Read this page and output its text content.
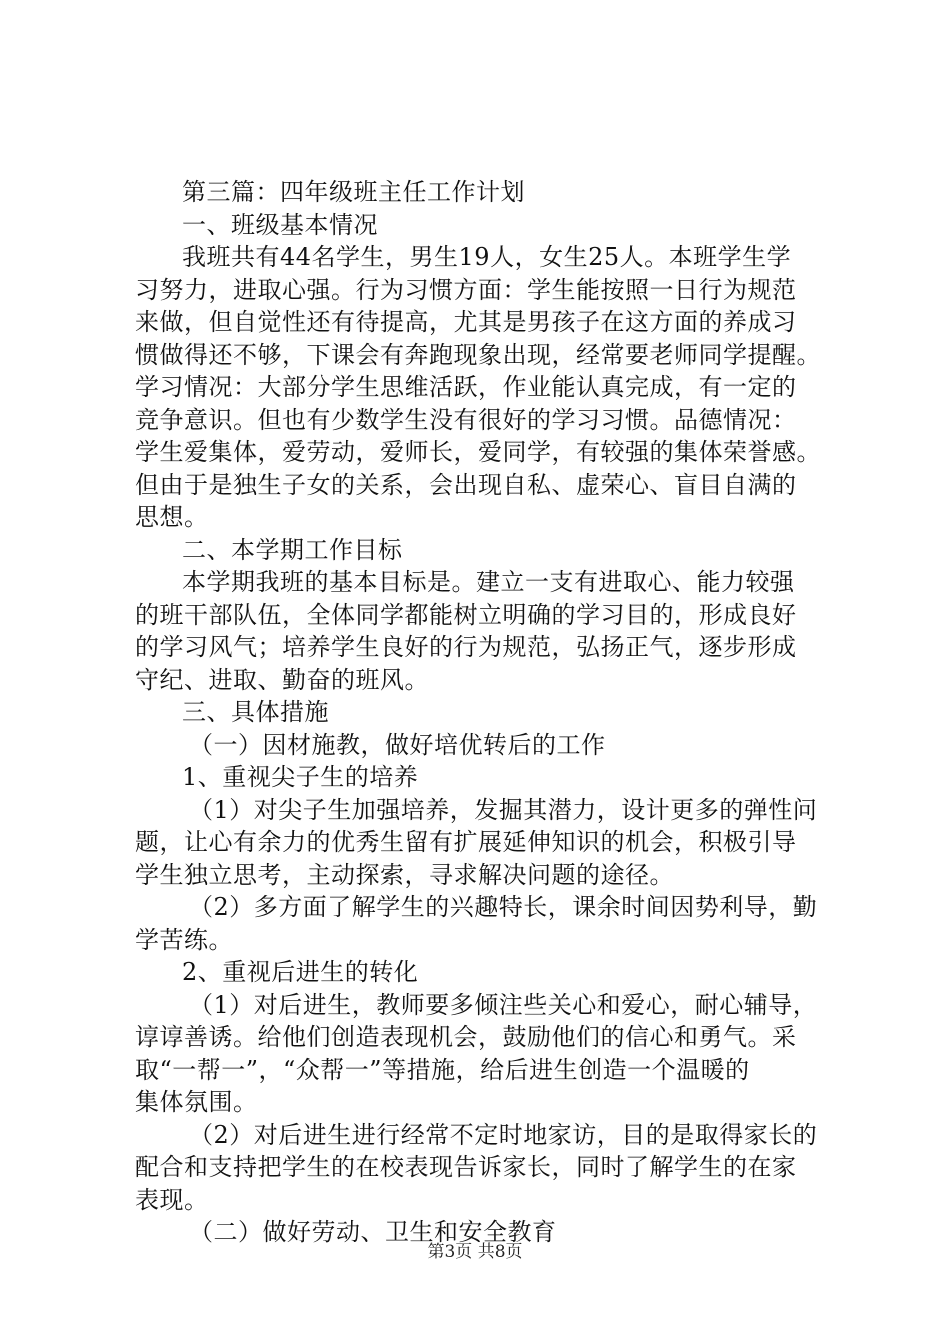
第三篇：四年级班主任工作计划
一、班级基本情况
我班共有44名学生，男生19人，女生25人。本班学生学
习努力，进取心强。行为习惯方面：学生能按照一日行为规范
来做，但自觉性还有待提高，尤其是男孩子在这方面的养成习
惯做得还不够，下课会有奔跑现象出现，经常要老师同学提醒。
学习情况：大部分学生思维活跃，作业能认真完成，有一定的
竞争意识。但也有少数学生没有很好的学习习惯。品德情况：
学生爱集体，爱劳动，爱师长，爱同学，有较强的集体荣誉感。
但由于是独生子女的关系，会出现自私、虚荣心、盲目自满的
思想。
二、本学期工作目标
本学期我班的基本目标是。建立一支有进取心、能力较强
的班干部队伍，全体同学都能树立明确的学习目的，形成良好
的学习风气；培养学生良好的行为规范，弘扬正气，逐步形成
守纪、进取、勤奋的班风。
三、具体措施
（一）因材施教，做好培优转后的工作
1、重视尖子生的培养
（1）对尖子生加强培养，发掘其潜力，设计更多的弹性问
题，让心有余力的优秀生留有扩展延伸知识的机会，积极引导
学生独立思考，主动探索，寻求解决问题的途径。
（2）多方面了解学生的兴趣特长，课余时间因势利导，勤
学苦练。
2、重视后进生的转化
（1）对后进生，教师要多倾注些关心和爱心，耐心辅导，
谆谆善诱。给他们创造表现机会，鼓励他们的信心和勇气。采
取“一帮一”，“众帮一”等措施，给后进生创造一个温暖的
集体氛围。
（2）对后进生进行经常不定时地家访，目的是取得家长的
配合和支持把学生的在校表现告诉家长，同时了解学生的在家
表现。
（二）做好劳动、卫生和安全教育
第3页 共8页
